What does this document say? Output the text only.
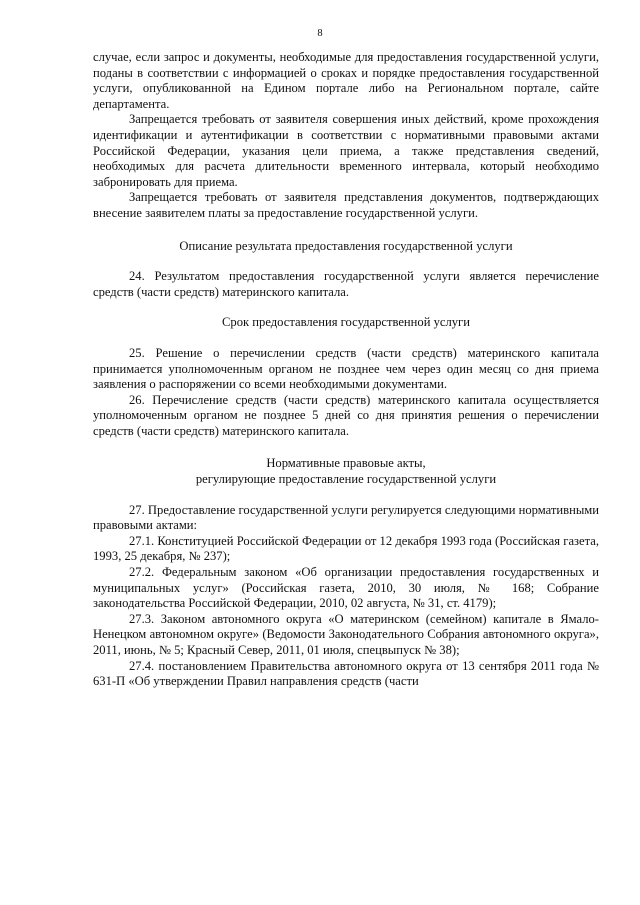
8

случае, если запрос и документы, необходимые для предоставления государственной услуги, поданы в соответствии с информацией о сроках и порядке предоставления государственной услуги, опубликованной на Едином портале либо на Региональном портале, сайте департамента.

Запрещается требовать от заявителя совершения иных действий, кроме прохождения идентификации и аутентификации в соответствии с нормативными правовыми актами Российской Федерации, указания цели приема, а также представления сведений, необходимых для расчета длительности временного интервала, который необходимо забронировать для приема.

Запрещается требовать от заявителя представления документов, подтверждающих внесение заявителем платы за предоставление государственной услуги.

Описание результата предоставления государственной услуги

24. Результатом предоставления государственной услуги является перечисление средств (части средств) материнского капитала.

Срок предоставления государственной услуги

25. Решение о перечислении средств (части средств) материнского капитала принимается уполномоченным органом не позднее чем через один месяц со дня приема заявления о распоряжении со всеми необходимыми документами.

26. Перечисление средств (части средств) материнского капитала осуществляется уполномоченным органом не позднее 5 дней со дня принятия решения о перечислении средств (части средств) материнского капитала.

Нормативные правовые акты,

регулирующие предоставление государственной услуги

27. Предоставление государственной услуги регулируется следующими нормативными правовыми актами:

27.1. Конституцией Российской Федерации от 12 декабря 1993 года (Российская газета, 1993, 25 декабря, № 237);

27.2. Федеральным законом «Об организации предоставления государственных и муниципальных услуг» (Российская газета, 2010, 30 июля, № 168; Собрание законодательства Российской Федерации, 2010, 02 августа, № 31, ст. 4179);

27.3. Законом автономного округа «О материнском (семейном) капитале в Ямало-Ненецком автономном округе» (Ведомости Законодательного Собрания автономного округа», 2011, июнь, № 5; Красный Север, 2011, 01 июля, спецвыпуск № 38);

27.4. постановлением Правительства автономного округа от 13 сентября 2011 года № 631-П «Об утверждении Правил направления средств (части
